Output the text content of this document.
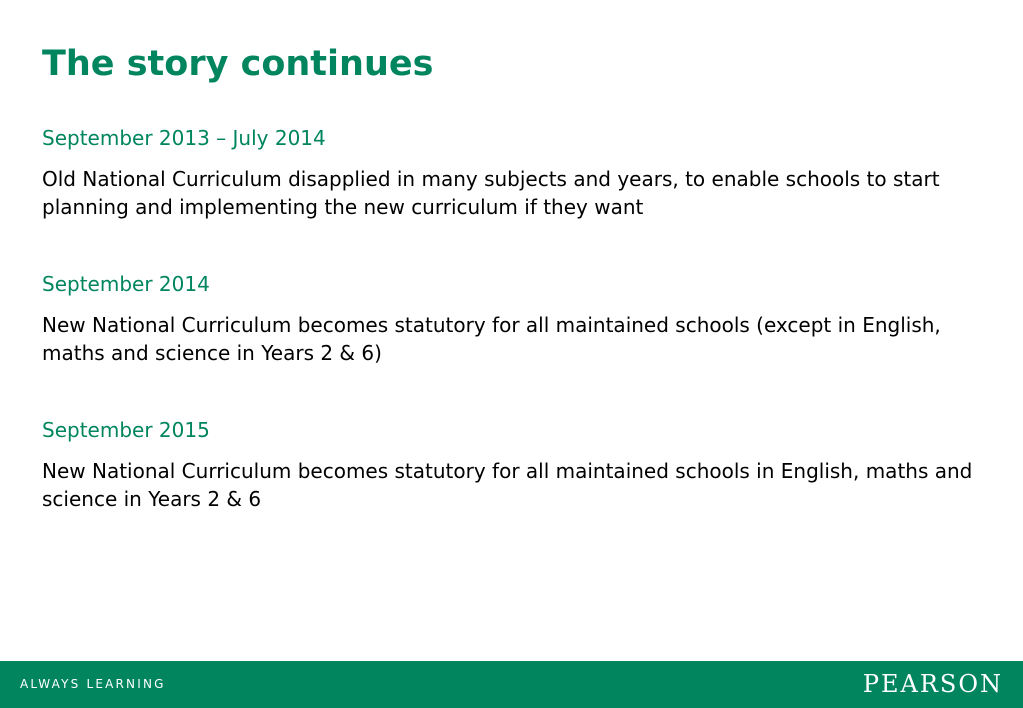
The story continues

September 2013 – July 2014

Old National Curriculum disapplied in many subjects and years, to enable schools to start planning and implementing the new curriculum if they want

September 2014

New National Curriculum becomes statutory for all maintained schools (except in English, maths and science in Years 2 & 6)

September 2015

New National Curriculum becomes statutory for all maintained schools in English, maths and science in Years 2 & 6

ALWAYS LEARNING	PEARSON
